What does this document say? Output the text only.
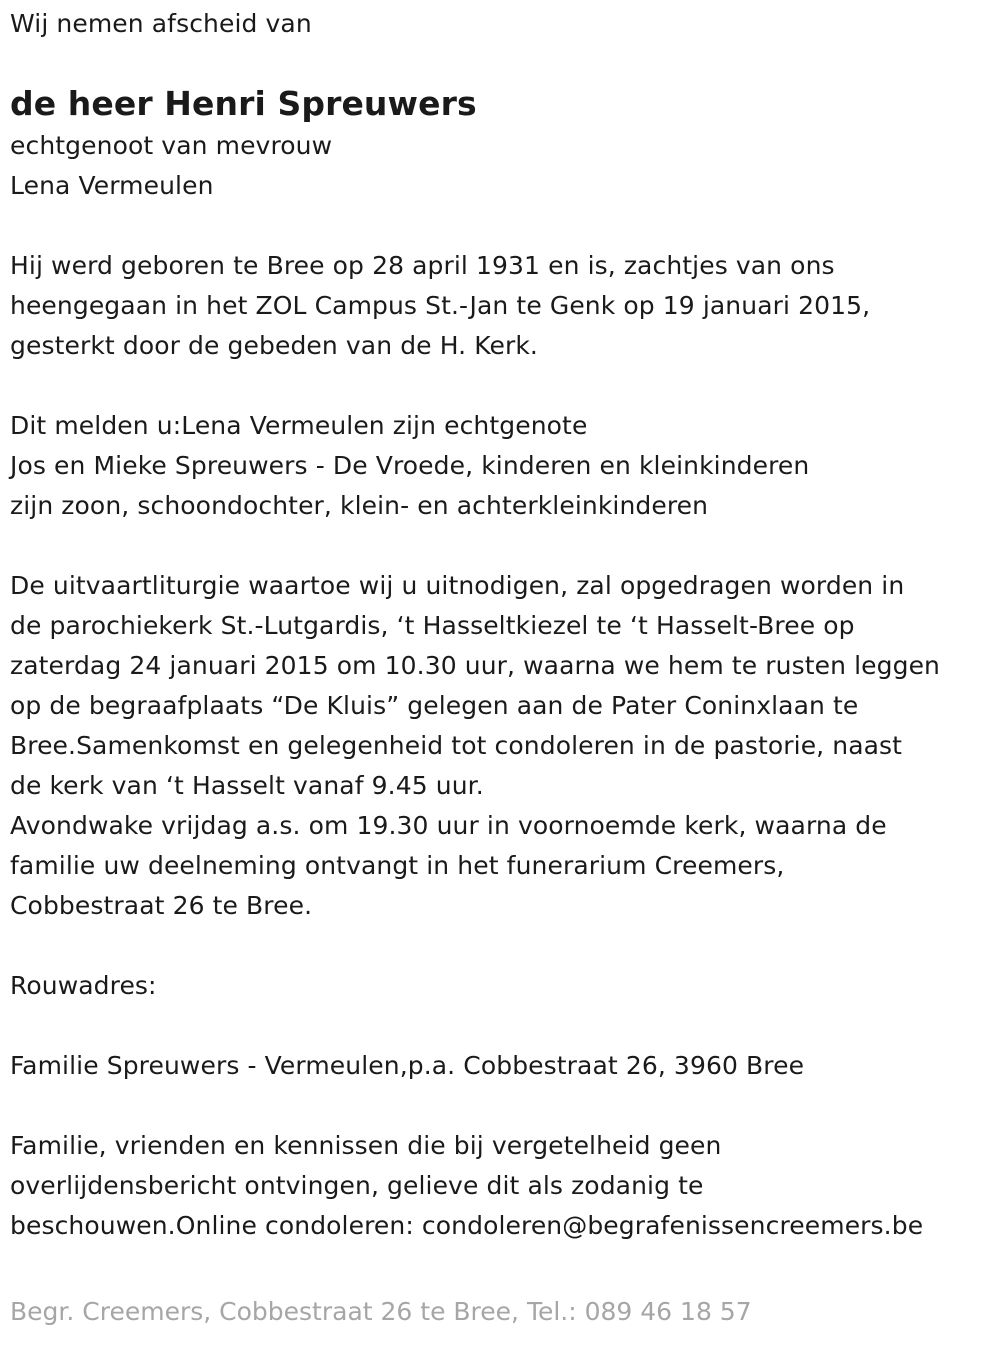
Wij nemen afscheid van
de heer Henri Spreuwers
echtgenoot van mevrouw
Lena Vermeulen
Hij werd geboren te Bree op 28 april 1931 en is, zachtjes van ons
heengegaan in het ZOL Campus St.-Jan te Genk op 19 januari 2015,
gesterkt door de gebeden van de H. Kerk.
Dit melden u:Lena Vermeulen zijn echtgenote
Jos en Mieke Spreuwers - De Vroede, kinderen en kleinkinderen
zijn zoon, schoondochter, klein- en achterkleinkinderen
De uitvaartliturgie waartoe wij u uitnodigen, zal opgedragen worden in
de parochiekerk St.-Lutgardis, ‘t Hasseltkiezel te ‘t Hasselt-Bree op
zaterdag 24 januari 2015 om 10.30 uur, waarna we hem te rusten leggen
op de begraafplaats “De Kluis” gelegen aan de Pater Coninxlaan te
Bree.Samenkomst en gelegenheid tot condoleren in de pastorie, naast
de kerk van ‘t Hasselt vanaf 9.45 uur.
Avondwake vrijdag a.s. om 19.30 uur in voornoemde kerk, waarna de
familie uw deelneming ontvangt in het funerarium Creemers,
Cobbestraat 26 te Bree.
Rouwadres:
Familie Spreuwers - Vermeulen,p.a. Cobbestraat 26, 3960 Bree
Familie, vrienden en kennissen die bij vergetelheid geen
overlijdensbericht ontvingen, gelieve dit als zodanig te
beschouwen.Online condoleren: condoleren@begrafenissencreemers.be
Begr. Creemers, Cobbestraat 26 te Bree, Tel.: 089 46 18 57
